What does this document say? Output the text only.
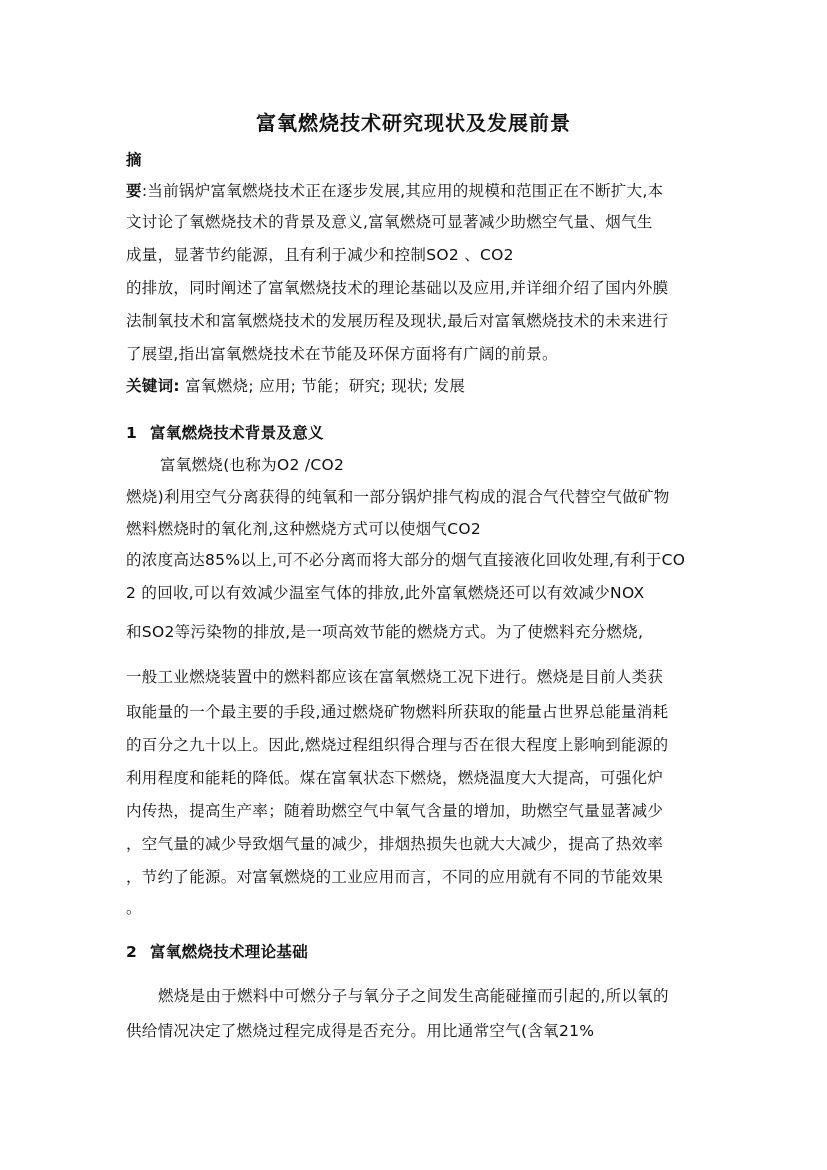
富氧燃烧技术研究现状及发展前景
摘
要:当前锅炉富氧燃烧技术正在逐步发展,其应用的规模和范围正在不断扩大,本
文讨论了氧燃烧技术的背景及意义,富氧燃烧可显著减少助燃空气量、烟气生
成量，显著节约能源，且有利于减少和控制SO2 、CO2
的排放，同时阐述了富氧燃烧技术的理论基础以及应用,并详细介绍了国内外膜
法制氧技术和富氧燃烧技术的发展历程及现状,最后对富氧燃烧技术的未来进行
了展望,指出富氧燃烧技术在节能及环保方面将有广阔的前景。
关键词: 富氧燃烧; 应用; 节能；研究; 现状; 发展
1 富氧燃烧技术背景及意义
富氧燃烧(也称为O2 /CO2
燃烧)利用空气分离获得的纯氧和一部分锅炉排气构成的混合气代替空气做矿物
燃料燃烧时的氧化剂,这种燃烧方式可以使烟气CO2
的浓度高达85%以上,可不必分离而将大部分的烟气直接液化回收处理,有利于CO
2 的回收,可以有效减少温室气体的排放,此外富氧燃烧还可以有效减少NOX
和SO2等污染物的排放,是一项高效节能的燃烧方式。为了使燃料充分燃烧,
一般工业燃烧装置中的燃料都应该在富氧燃烧工况下进行。燃烧是目前人类获
取能量的一个最主要的手段,通过燃烧矿物燃料所获取的能量占世界总能量消耗
的百分之九十以上。因此,燃烧过程组织得合理与否在很大程度上影响到能源的
利用程度和能耗的降低。煤在富氧状态下燃烧，燃烧温度大大提高，可强化炉
内传热，提高生产率；随着助燃空气中氧气含量的增加，助燃空气量显著减少
，空气量的减少导致烟气量的减少，排烟热损失也就大大减少，提高了热效率
，节约了能源。对富氧燃烧的工业应用而言，不同的应用就有不同的节能效果
。
2 富氧燃烧技术理论基础
燃烧是由于燃料中可燃分子与氧分子之间发生高能碰撞而引起的,所以氧的
供给情况决定了燃烧过程完成得是否充分。用比通常空气(含氧21%
